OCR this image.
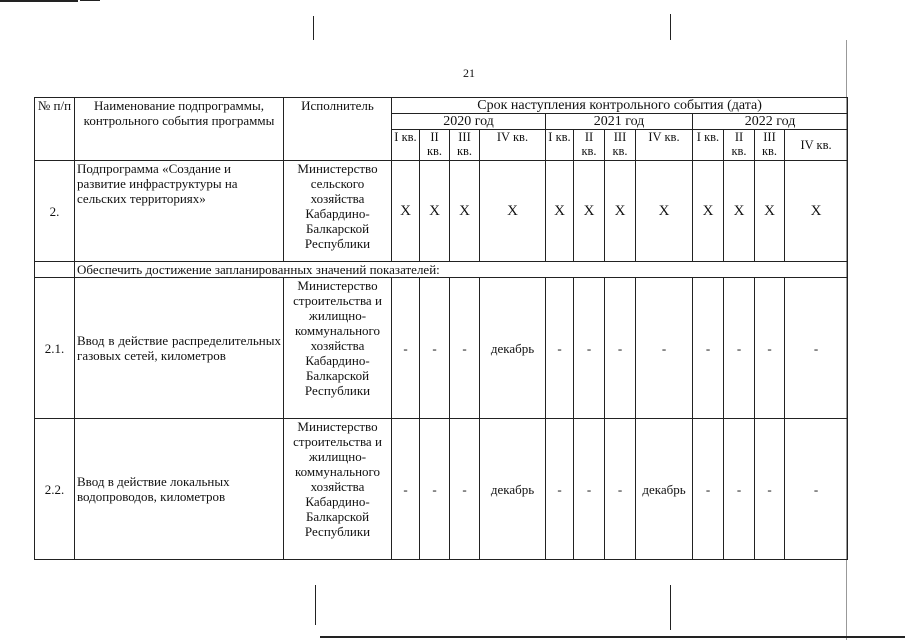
21
№ п/п	Наименование подпрограммы, контрольного события программы	Исполнитель	Срок наступления контрольного события (дата)											
			2020 год				2021 год				2022 год			
			I кв.	II кв.	III кв.	IV кв.	I кв.	II кв.	III кв.	IV кв.	I кв.	II кв.	III кв.	IV кв.
2.	Подпрограмма «Создание и развитие инфраструктуры на сельских территориях»	Министерство сельского хозяйства Кабардино-Балкарской Республики	X	X	X	X	X	X	X	X	X	X	X	X
	Обеспечить достижение запланированных значений показателей:													
2.1.	Ввод в действие распределительных газовых сетей, километров	Министерство строительства и жилищно-коммунального хозяйства Кабардино-Балкарской Республики	-	-	-	декабрь	-	-	-	-	-	-	-	-
2.2.	Ввод в действие локальных водопроводов, километров	Министерство строительства и жилищно-коммунального хозяйства Кабардино-Балкарской Республики	-	-	-	декабрь	-	-	-	декабрь	-	-	-	-
